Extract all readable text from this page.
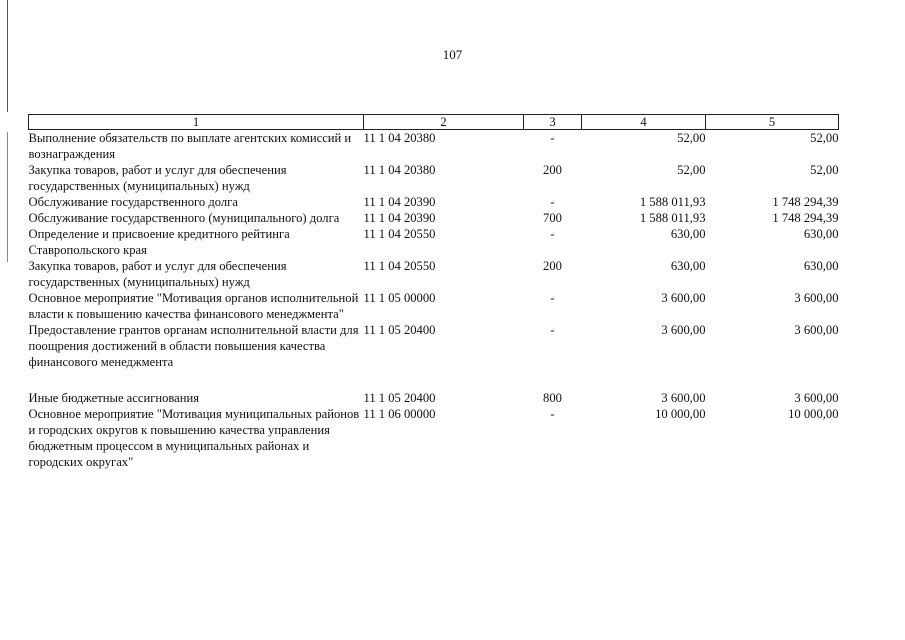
107
1	2	3	4	5
Выполнение обязательств по выплате агентских комиссий и вознаграждения	11 1 04 20380	-	52,00	52,00
Закупка товаров, работ и услуг для обеспечения государственных (муниципальных) нужд	11 1 04 20380	200	52,00	52,00
Обслуживание государственного долга	11 1 04 20390	-	1 588 011,93	1 748 294,39
Обслуживание государственного (муниципального) долга	11 1 04 20390	700	1 588 011,93	1 748 294,39
Определение и присвоение кредитного рейтинга Ставропольского края	11 1 04 20550	-	630,00	630,00
Закупка товаров, работ и услуг для обеспечения государственных (муниципальных) нужд	11 1 04 20550	200	630,00	630,00
Основное мероприятие "Мотивация органов исполнительной власти к повышению качества финансового менеджмента"	11 1 05 00000	-	3 600,00	3 600,00
Предоставление грантов органам исполнительной власти для поощрения достижений в области повышения качества финансового менеджмента	11 1 05 20400	-	3 600,00	3 600,00

Иные бюджетные ассигнования	11 1 05 20400	800	3 600,00	3 600,00
Основное мероприятие "Мотивация муниципальных районов и городских округов к повышению качества управления бюджетным процессом в муниципальных районах и городских округах"	11 1 06 00000	-	10 000,00	10 000,00
